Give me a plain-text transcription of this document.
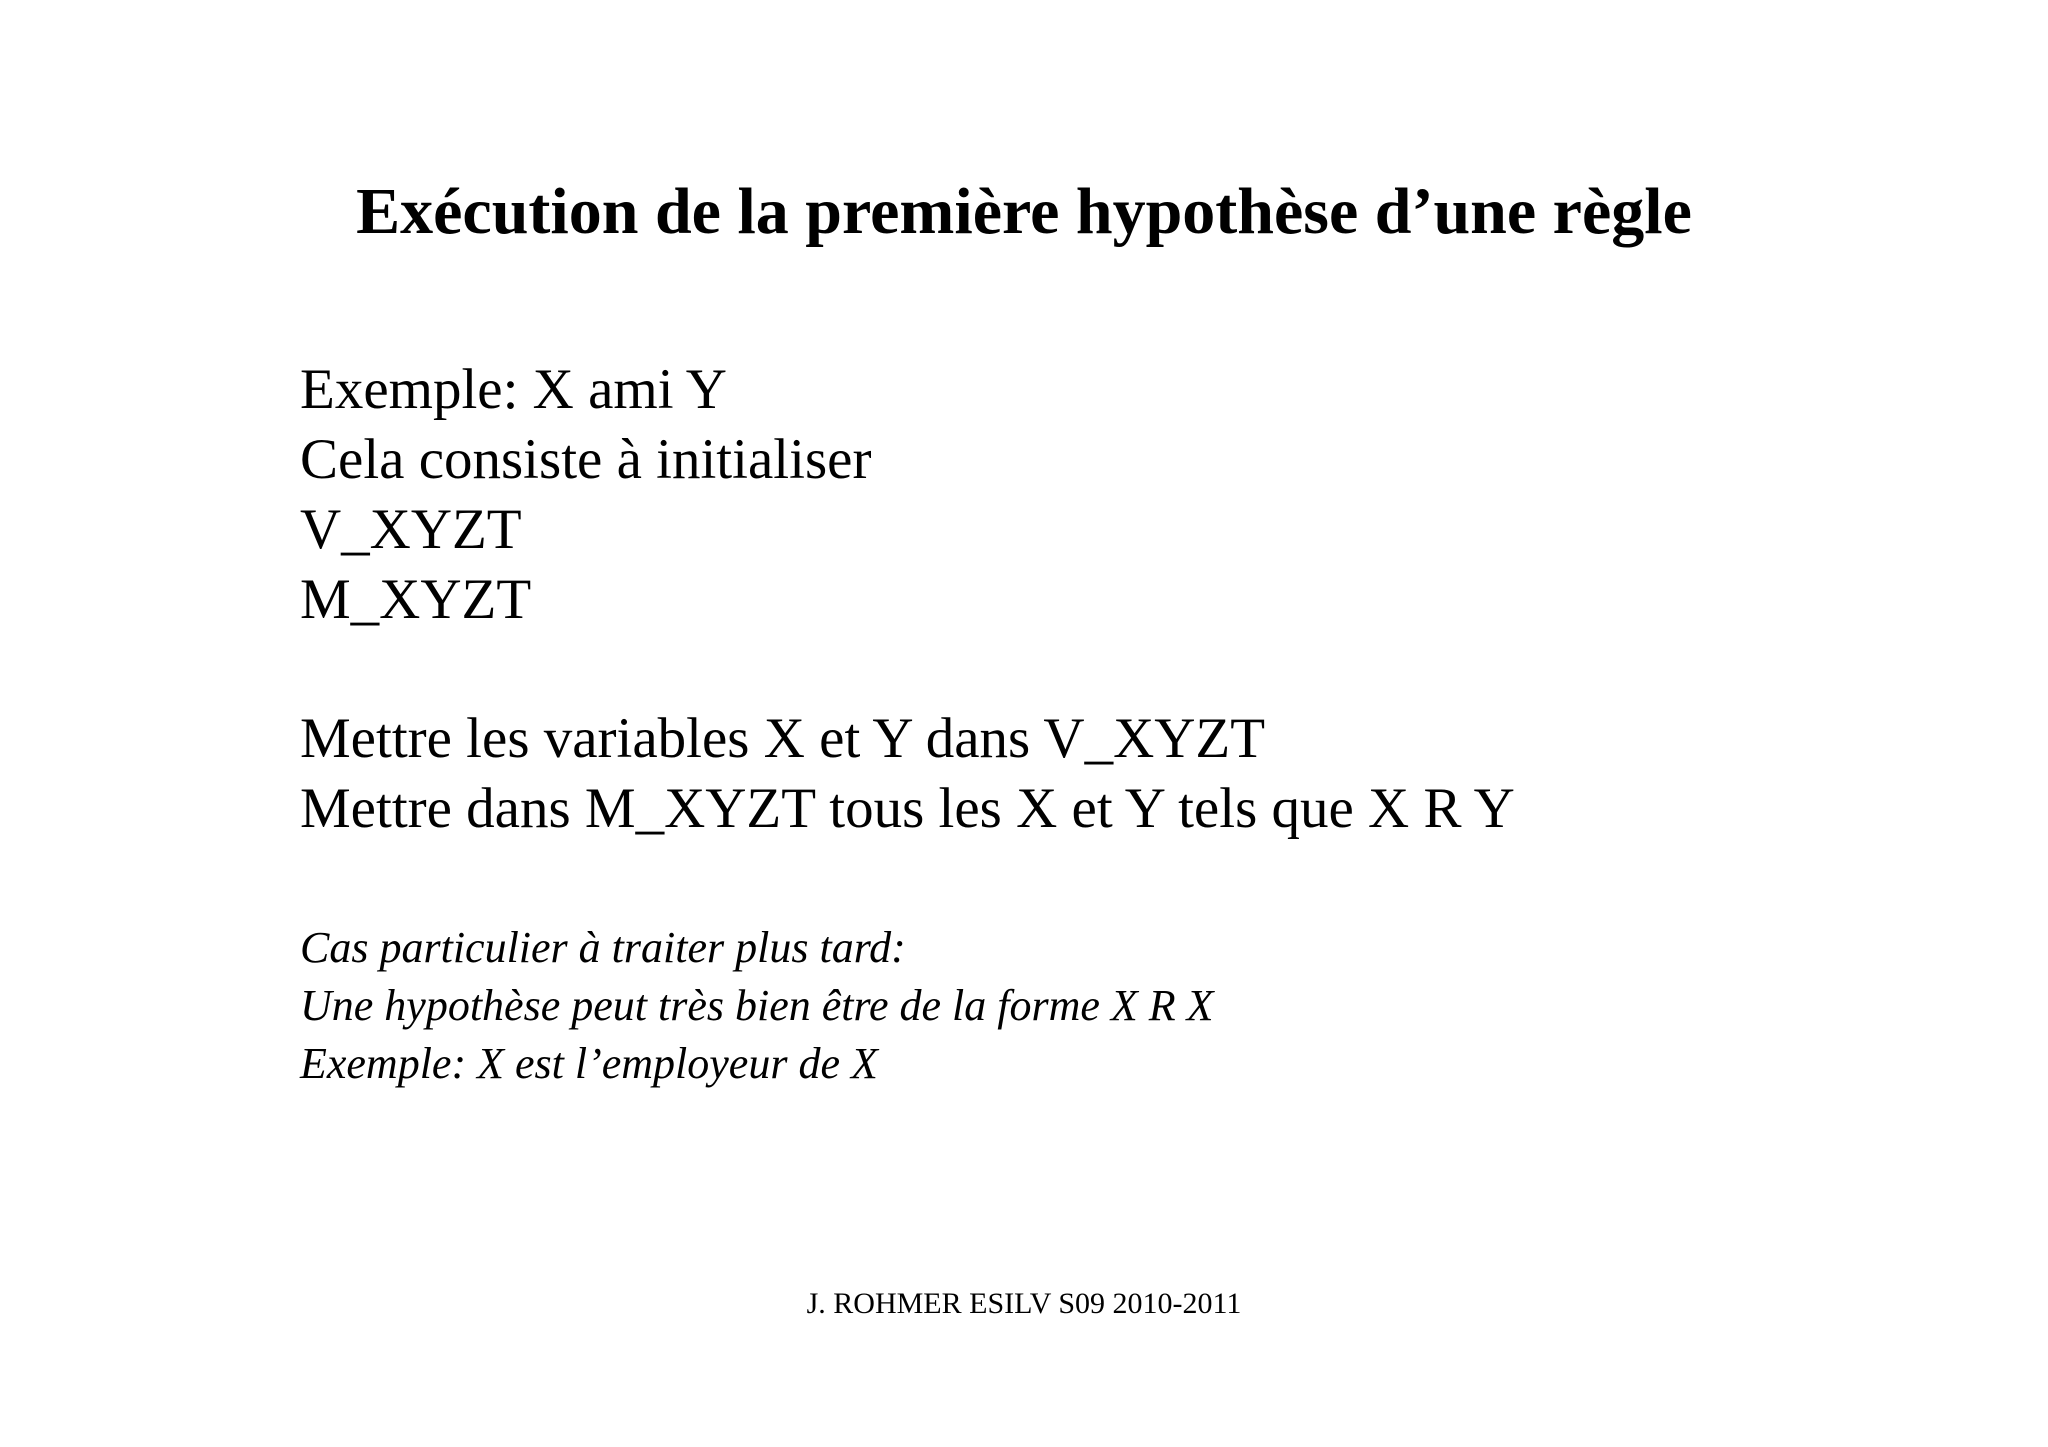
Exécution de la première hypothèse d’une règle
Exemple: X ami Y
Cela consiste à initialiser
V_XYZT
M_XYZT
Mettre les variables X et Y dans V_XYZT
Mettre dans M_XYZT tous les X et Y tels que X R Y
Cas particulier à traiter plus tard:
Une hypothèse peut très bien être de la forme X R X
Exemple: X est l’employeur de X
J. ROHMER ESILV S09 2010-2011
